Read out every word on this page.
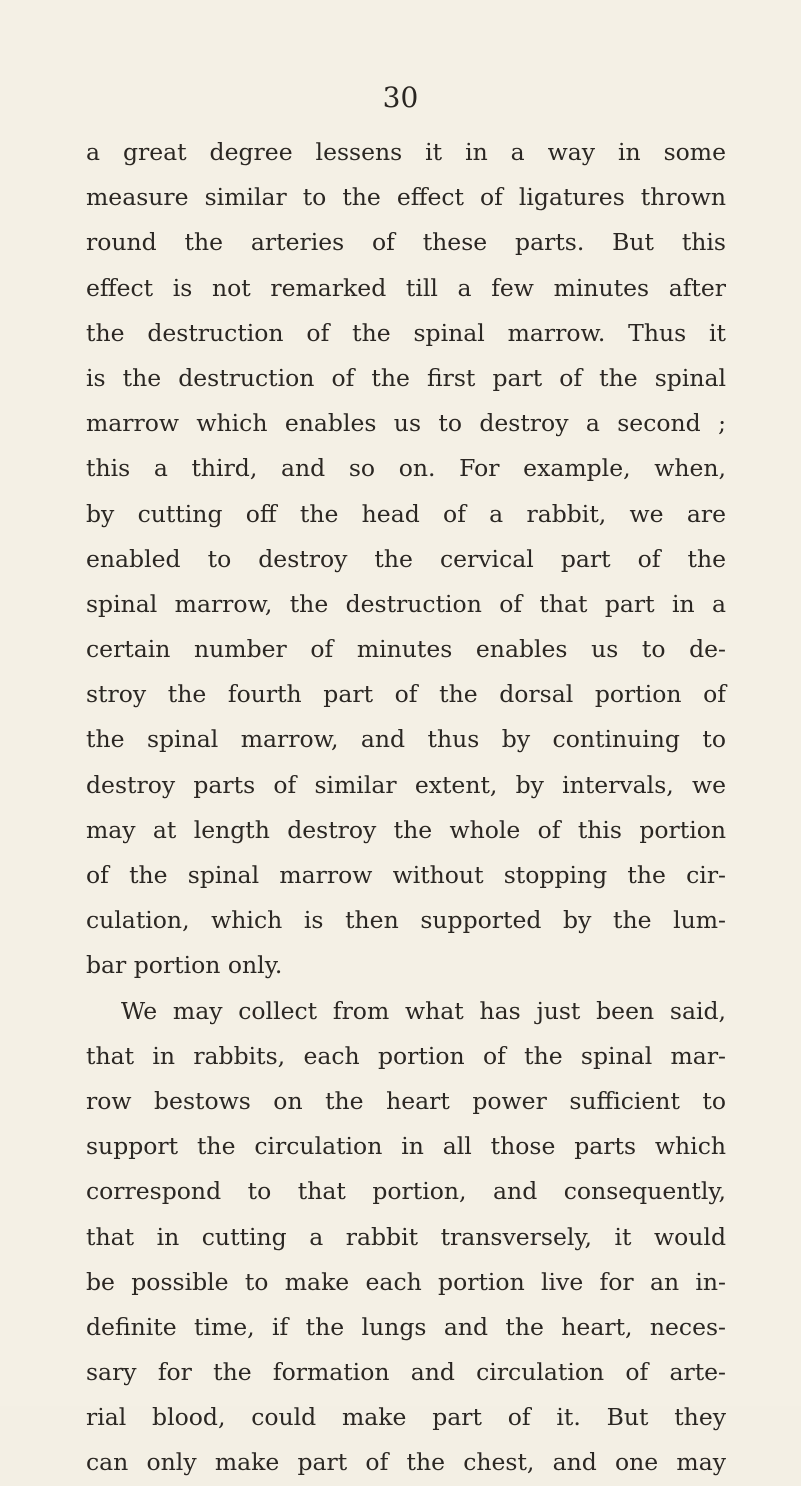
30
a great degree lessens it in a way in some
measure similar to the effect of ligatures thrown
round the arteries of these parts. But this
effect is not remarked till a few minutes after
the destruction of the spinal marrow. Thus it
is the destruction of the first part of the spinal
marrow which enables us to destroy a second ;
this a third, and so on. For example, when,
by cutting off the head of a rabbit, we are
enabled to destroy the cervical part of the
spinal marrow, the destruction of that part in a
certain number of minutes enables us to de-
stroy the fourth part of the dorsal portion of
the spinal marrow, and thus by continuing to
destroy parts of similar extent, by intervals, we
may at length destroy the whole of this portion
of the spinal marrow without stopping the cir-
culation, which is then supported by the lum-
bar portion only.
We may collect from what has just been said,
that in rabbits, each portion of the spinal mar-
row bestows on the heart power sufficient to
support the circulation in all those parts which
correspond to that portion, and consequently,
that in cutting a rabbit transversely, it would
be possible to make each portion live for an in-
definite time, if the lungs and the heart, neces-
sary for the formation and circulation of arte-
rial blood, could make part of it. But they
can only make part of the chest, and one may
